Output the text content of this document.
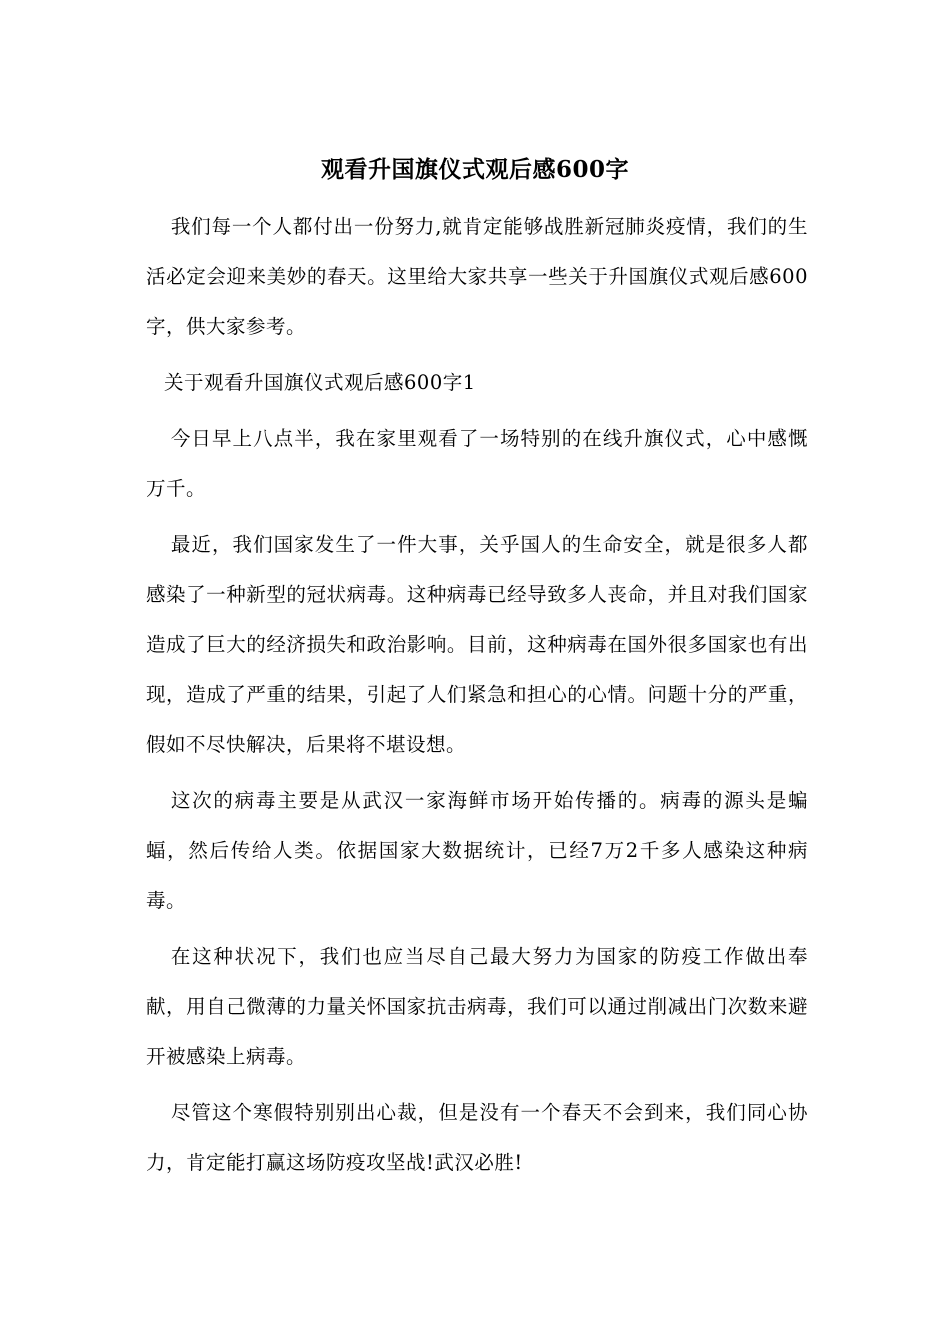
观看升国旗仪式观后感600字

我们每一个人都付出一份努力,就肯定能够战胜新冠肺炎疫情，我们的生活必定会迎来美妙的春天。这里给大家共享一些关于升国旗仪式观后感600字，供大家参考。

关于观看升国旗仪式观后感600字1

今日早上八点半，我在家里观看了一场特别的在线升旗仪式，心中感慨万千。

最近，我们国家发生了一件大事，关乎国人的生命安全，就是很多人都感染了一种新型的冠状病毒。这种病毒已经导致多人丧命，并且对我们国家造成了巨大的经济损失和政治影响。目前，这种病毒在国外很多国家也有出现，造成了严重的结果，引起了人们紧急和担心的心情。问题十分的严重，假如不尽快解决，后果将不堪设想。

这次的病毒主要是从武汉一家海鲜市场开始传播的。病毒的源头是蝙蝠，然后传给人类。依据国家大数据统计，已经7万2千多人感染这种病毒。

在这种状况下，我们也应当尽自己最大努力为国家的防疫工作做出奉献，用自己微薄的力量关怀国家抗击病毒，我们可以通过削减出门次数来避开被感染上病毒。

尽管这个寒假特别别出心裁，但是没有一个春天不会到来，我们同心协力，肯定能打赢这场防疫攻坚战!武汉必胜!
